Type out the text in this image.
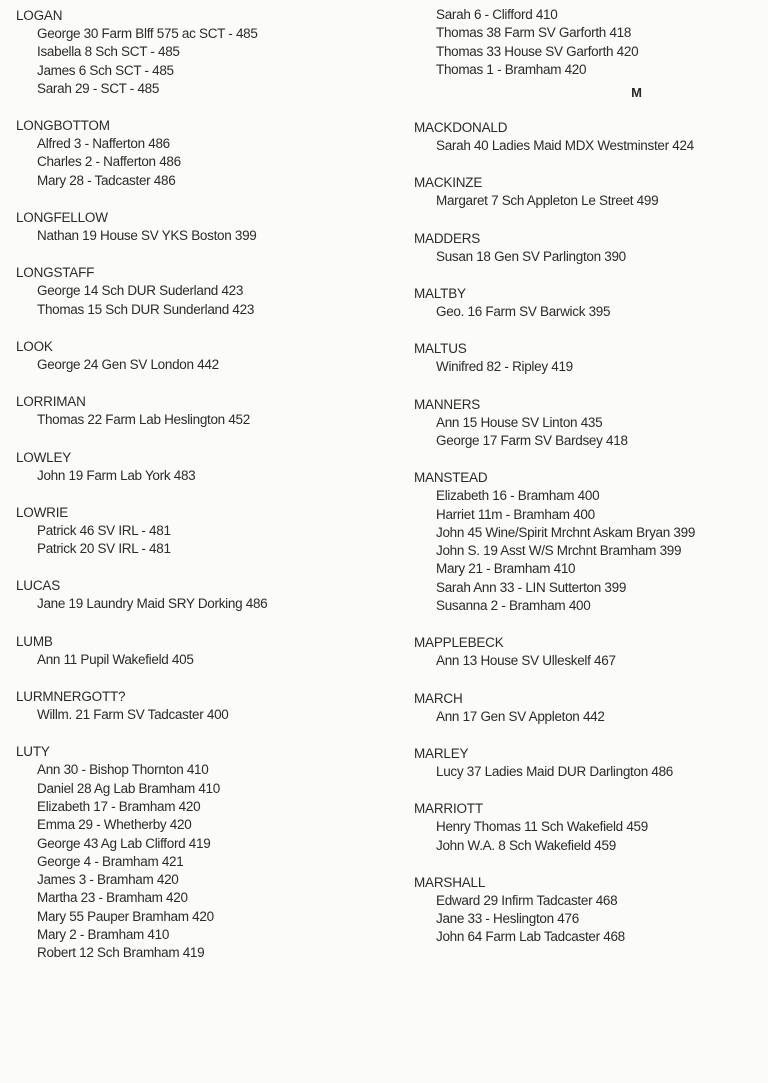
LOGAN
George 30 Farm Blff 575 ac SCT - 485
Isabella 8 Sch SCT - 485
James 6 Sch SCT - 485
Sarah 29 - SCT - 485
LONGBOTTOM
Alfred 3 - Nafferton 486
Charles 2 - Nafferton 486
Mary 28 - Tadcaster 486
LONGFELLOW
Nathan 19 House SV YKS Boston 399
LONGSTAFF
George 14 Sch DUR Suderland 423
Thomas 15 Sch DUR Sunderland 423
LOOK
George 24 Gen SV London 442
LORRIMAN
Thomas 22 Farm Lab Heslington 452
LOWLEY
John 19 Farm Lab York 483
LOWRIE
Patrick 46 SV IRL - 481
Patrick 20 SV IRL - 481
LUCAS
Jane 19 Laundry Maid SRY Dorking 486
LUMB
Ann 11 Pupil Wakefield 405
LURMNERGOTT?
Willm. 21 Farm SV Tadcaster 400
LUTY
Ann 30 - Bishop Thornton 410
Daniel 28 Ag Lab Bramham 410
Elizabeth 17 - Bramham 420
Emma 29 - Whetherby 420
George 43 Ag Lab Clifford 419
George 4 - Bramham 421
James 3 - Bramham 420
Martha 23 - Bramham 420
Mary 55 Pauper Bramham 420
Mary 2 - Bramham 410
Robert 12 Sch Bramham 419
Sarah 6 - Clifford 410
Thomas 38 Farm SV Garforth 418
Thomas 33 House SV Garforth 420
Thomas 1 - Bramham 420
M
MACKDONALD
Sarah 40 Ladies Maid MDX Westminster 424
MACKINZE
Margaret 7 Sch Appleton Le Street 499
MADDERS
Susan 18 Gen SV Parlington 390
MALTBY
Geo. 16 Farm SV Barwick 395
MALTUS
Winifred 82 - Ripley 419
MANNERS
Ann 15 House SV Linton 435
George 17 Farm SV Bardsey 418
MANSTEAD
Elizabeth 16 - Bramham 400
Harriet 11m - Bramham 400
John 45 Wine/Spirit Mrchnt Askam Bryan 399
John S. 19 Asst W/S Mrchnt Bramham 399
Mary 21 - Bramham 410
Sarah Ann 33 - LIN Sutterton 399
Susanna 2 - Bramham 400
MAPPLEBECK
Ann 13 House SV Ulleskelf 467
MARCH
Ann 17 Gen SV Appleton 442
MARLEY
Lucy 37 Ladies Maid DUR Darlington 486
MARRIOTT
Henry Thomas 11 Sch Wakefield 459
John W.A. 8 Sch Wakefield 459
MARSHALL
Edward 29 Infirm Tadcaster 468
Jane 33 - Heslington 476
John 64 Farm Lab Tadcaster 468
